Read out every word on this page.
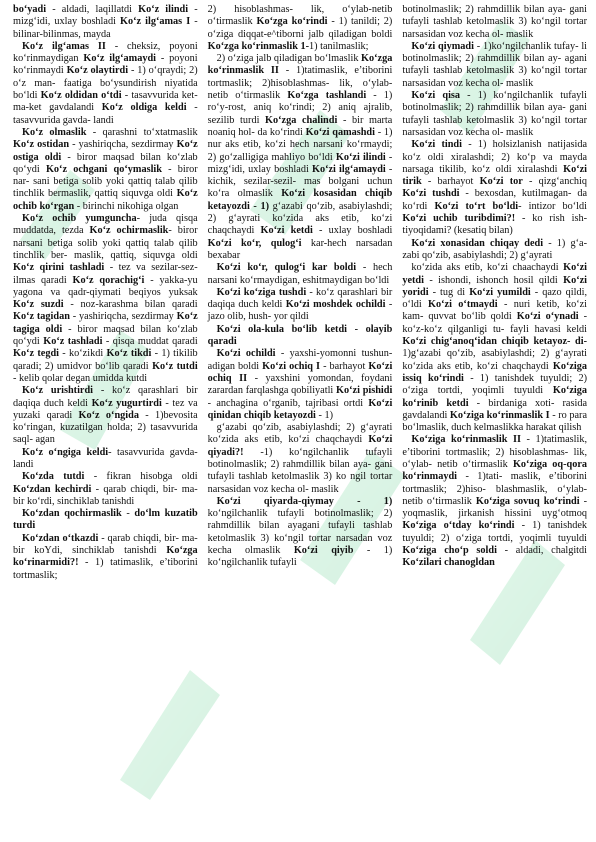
bo‘yadi - aldadi, laqillatdi Ko‘z ilindi - mizg‘idi, uxlay boshladi Ko‘z ilg‘amas I - bilinar-bilinmas, mayda

Ko‘z ilg‘amas II - cheksiz, poyoni ko‘rinmaydigan Ko‘z ilg‘amaydi - poyoni ko‘rinmaydi Ko‘z olaytirdi - 1) o‘qraydi; 2) o‘z man- faatiga bo‘ysundirish niyatida bo‘ldi Ko‘z oldidan o‘tdi - tasavvurida ket- ma-ket gavdalandi Ko‘z oldiga keldi - tasavvurida gavda- landi

Ko‘z olmaslik - qarashni to‘xtatmaslik Ko‘z ostidan - yashiriqcha, sezdirmay Ko‘z ostiga oldi - biror maqsad bilan ko‘zlab qo‘ydi Ko‘z ochgani qo‘ymaslik - biror nar- sani betiga solib yoki qattiq talab qilib tinchlik bermaslik, qattiq siquvga oldi Ko‘z ochib ko‘rgan - birinchi nikohiga olgan

Ko‘z ochib yumguncha- juda qisqa muddatda, tezda Ko‘z ochirmaslik- biror narsani betiga solib yoki qattiq talab qilib tinchlik ber- maslik, qattiq, siquvga oldi Ko‘z qirini tashladi - tez va sezilar-sez- ilmas qaradi Ko‘z qorachig‘i - yakka-yu yagona va qadr-qiymati beqiyos yuksak Ko‘z suzdi - noz-karashma bilan qaradi Ko‘z tagidan - yashiriqcha, sezdirmay Ko‘z tagiga oldi - biror maqsad bilan ko‘zlab qo‘ydi Ko‘z tashladi - qisqa muddat qaradi Ko‘z tegdi - ko‘zikdi Ko‘z tikdi - 1) tikilib qaradi; 2) umidvor bo‘lib qaradi Ko‘z tutdi - kelib qolar degan umidda kutdi

Ko‘z urishtirdi - ko‘z qarashlari bir daqiqa duch keldi Ko‘z yugurtirdi - tez va yuzaki qaradi Ko‘z o‘ngida - 1)bevosita ko‘ringan, kuzatilgan holda; 2) tasavvurida saql- agan

Ko‘z o‘ngiga keldi- tasavvurida gavda- landi

Ko‘zda tutdi - fikran hisobga oldi Ko‘zdan kechirdi - qarab chiqdi, bir- ma-bir ko‘rdi, sinchiklab tanishdi

Ko‘zdan qochirmaslik - do‘lm kuzatib turdi

Ko‘zdan o‘tkazdi - qarab chiqdi, bir- ma-bir koYdi, sinchiklab tanishdi Ko‘zga ko‘rinarmidi?! - 1) tatimaslik, e’tiborini tortmaslik;

2) hisoblashmas- lik, o‘ylab-netib o‘tirmaslik Ko‘zga ko‘rindi - 1) tanildi; 2) o‘ziga diqqat-e^tiborni jalb qiladigan boldi Ko‘zga ko‘rinmaslik 1-1) tanilmaslik;

2) o‘ziga jalb qiladigan bo‘lmaslik Ko‘zga ko‘rinmaslik II - 1)tatimaslik, e’tiborini tortmaslik; 2)hisoblashmas- lik, o‘ylab- netib o‘tirmaslik Ko‘zga tashlandi - 1) ro‘y-rost, aniq ko‘rindi; 2) aniq ajralib, sezilib turdi Ko‘zga chalindi - bir marta noaniq hol- da ko‘rindi Ko‘zi qamashdi - 1) nur aks etib, ko‘zi hech narsani ko‘rmaydi; 2) go‘zalligiga mahliyo bo‘ldi Ko‘zi ilindi - mizg‘idi, uxlay boshladi Ko‘zi ilg‘amaydi - kichik, sezilar-sezil- mas bolgani uchun ko‘ra olmaslik Ko‘zi kosasidan chiqib ketayozdi - 1) g‘azabi qo‘zib, asabiylashdi; 2) g‘ayrati ko‘zida aks etib, ko‘zi chaqchaydi Ko‘zi ketdi - uxlay boshladi Ko‘zi ko‘r, qulog‘i kar-hech narsadan bexabar

Ko‘zi ko‘r, qulog‘i kar boldi - hech narsani ko‘rmaydigan, eshitmaydigan bo‘ldi

Ko‘zi ko‘ziga tushdi - ko‘z qarashlari bir daqiqa duch keldi Ko‘zi moshdek ochildi - jazo olib, hush- yor qildi

Ko‘zi ola-kula bo‘lib ketdi - olayib qaradi

Ko‘zi ochildi - yaxshi-yomonni tushun- adigan boldi Ko‘zi ochiq I - barhayot Ko‘zi ochiq II - yaxshini yomondan, foydani zarardan farqlashga qobiliyatli Ko‘zi pishidi - anchagina o‘rganib, tajribasi ortdi Ko‘zi qinidan chiqib ketayozdi - 1)

g‘azabi qo‘zib, asabiylashdi; 2) g‘ayrati ko‘zida aks etib, ko‘zi chaqchaydi Ko‘zi qiyadi?! -1) ko‘ngilchanlik tufayli botinolmaslik; 2) rahmdillik bilan aya- gani tufayli tashlab ketolmaslik 3) ko ngil tortar narsasidan voz kecha ol- maslik

Ko‘zi qiyarda-qiymay - 1) ko‘ngilchanlik tufayli botinolmaslik; 2) rahmdillik bilan ayagani tufayli tashlab ketolmaslik 3) ko‘ngil tortar narsadan voz kecha olmaslik Ko‘zi qiyib - 1) ko‘ngilchanlik tufayli

botinolmaslik; 2) rahmdillik bilan aya- gani tufayli tashlab ketolmaslik 3) ko‘ngil tortar narsasidan voz kecha ol- maslik

Ko‘zi qiymadi - 1)ko‘ngilchanlik tufay- li botinolmaslik; 2) rahmdillik bilan ay- agani tufayli tashlab ketolmaslik 3) ko‘ngil tortar narsasidan voz kecha ol- maslik

Ko‘zi qisa - 1) ko‘ngilchanlik tufayli botinolmaslik; 2) rahmdillik bilan aya- gani tufayli tashlab ketolmaslik 3) ko‘ngil tortar narsasidan voz kecha ol- maslik

Ko‘zi tindi - 1) holsizlanish natijasida ko‘z oldi xiralashdi; 2) ko‘p va mayda narsaga tikilib, ko‘z oldi xiralashdi Ko‘zi tirik - barhayot Ko‘zi tor - qizg‘anchiq Ko‘zi tushdi - bexosdan, kutilmagan- da ko‘rdi Ko‘zi to‘rt bo‘ldi- intizor bo‘ldi Ko‘zi uchib turibdimi?! - ko rish ish- tiyoqidami? (kesatiq bilan)

Ko‘zi xonasidan chiqay dedi - 1) g‘a- zabi qo‘zib, asabiylashdi; 2) g‘ayrati

ko‘zida aks etib, ko‘zi chaachaydi Ko‘zi yetdi - ishondi, ishonch hosil qildi Ko‘zi yoridi - tug di Ko‘zi yumildi - qazo qildi, o‘ldi Ko‘zi o‘tmaydi - nuri ketib, ko‘zi kam- quvvat bo‘lib qoldi Ko‘zi o‘ynadi - ko‘z-ko‘z qilganligi tu- fayli havasi keldi Ko‘zi chig‘anoq‘idan chiqib ketayoz- di- 1)g‘azabi qo‘zib, asabiylashdi; 2) g‘ayrati ko‘zida aks etib, ko‘zi chaqchaydi Ko‘ziga issiq ko‘rindi - 1) tanishdek tuyuldi; 2) o‘ziga tortdi, yoqimli tuyuldi Ko‘ziga ko‘rinib ketdi - birdaniga xoti- rasida gavdalandi Ko‘ziga ko‘rinmaslik I - ro para bo‘lmaslik, duch kelmaslikka harakat qilish

Ko‘ziga ko‘rinmaslik II - 1)tatimaslik, e’tiborini tortmaslik; 2) hisoblashmas- lik, o‘ylab- netib o‘tirmaslik Ko‘ziga oq-qora ko‘rinmaydi - 1)tati- maslik, e’tiborini tortmaslik; 2)hiso- blashmaslik, o‘ylab- netib o‘tirmaslik Ko‘ziga sovuq ko‘rindi - yoqmaslik, jirkanish hissini uyg‘otmoq Ko‘ziga o‘tday ko‘rindi - 1) tanishdek tuyuldi; 2) o‘ziga tortdi, yoqimli tuyuldi Ko‘ziga cho‘p soldi - aldadi, chalgitdi Ko‘zilari chanogldan
